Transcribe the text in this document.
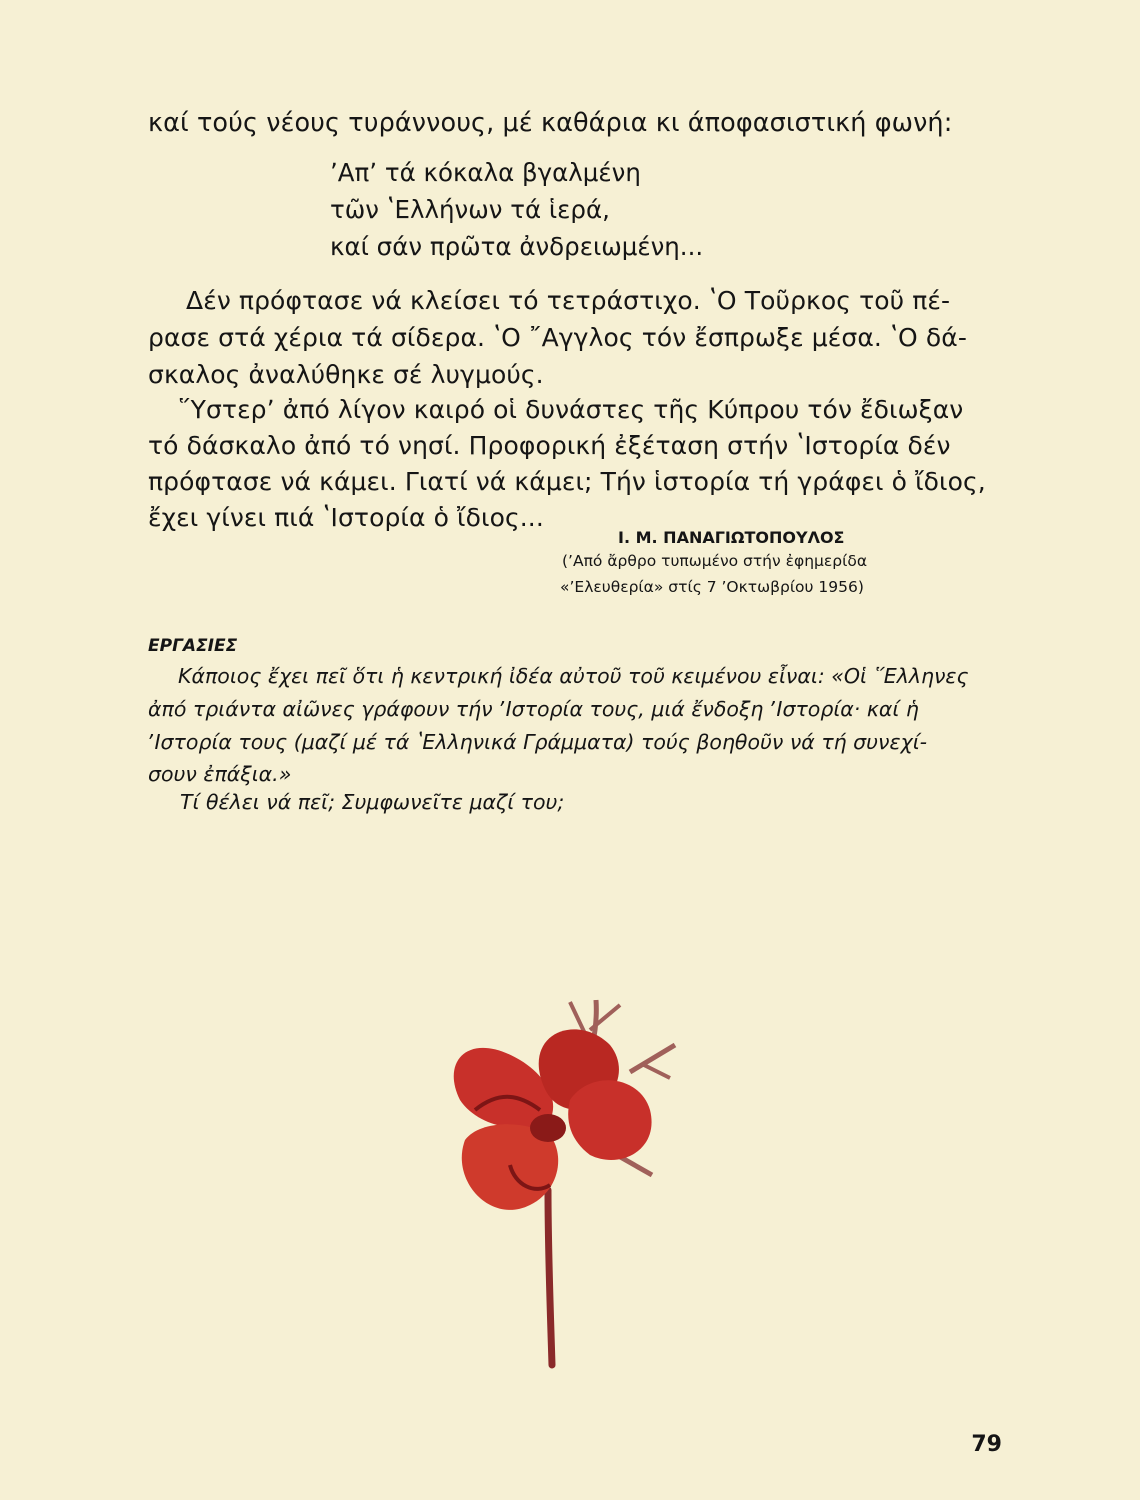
καί τούς νέους τυράννους, μέ καθάρια κι άποφασιστική φωνή:
ʼΑπʼ τά κόκαλα βγαλμένη
τῶν ʽΕλλήνων τά ἱερά,
καί σάν πρῶτα ἀνδρειωμένη...
Δέν πρόφτασε νά κλείσει τό τετράστιχο. ʽΟ Τοῦρκος τοῦ πέ-
ρασε στά χέρια τά σίδερα. ʽΟ ῎Αγγλος τόν ἔσπρωξε μέσα. ʽΟ δά-
σκαλος ἀναλύθηκε σέ λυγμούς.
῞Υστερʼ ἀπό λίγον καιρό οἱ δυνάστες τῆς Κύπρου τόν ἔδιωξαν
τό δάσκαλο ἀπό τό νησί. Προφορική ἐξέταση στήν ʽΙστορία δέν
πρόφτασε νά κάμει. Γιατί νά κάμει; Τήν ἱστορία τή γράφει ὁ ἴδιος,
ἔχει γίνει πιά ʽΙστορία ὁ ἴδιος...
Ι. Μ. ΠΑΝΑΓΙΩΤΟΠΟΥΛΟΣ
(ʼΑπό ἄρθρο τυπωμένο στήν ἐφημερίδα
«ʼΕλευθερία» στίς 7 ʼΟκτωβρίου 1956)
ΕΡΓΑΣΙΕΣ
Κάποιος ἔχει πεῖ ὅτι ἡ κεντρική ἰδέα αὐτοῦ τοῦ κειμένου εἶναι: «Οἱ ῞Ελληνες
ἀπό τριάντα αἰῶνες γράφουν τήν ʼΙστορία τους, μιά ἔνδοξη ʼΙστορία· καί ἡ
ʼΙστορία τους (μαζί μέ τά ʽΕλληνικά Γράμματα) τούς βοηθοῦν νά τή συνεχί-
σουν ἐπάξια.»
Τί θέλει νά πεῖ; Συμφωνεῖτε μαζί του;
79
